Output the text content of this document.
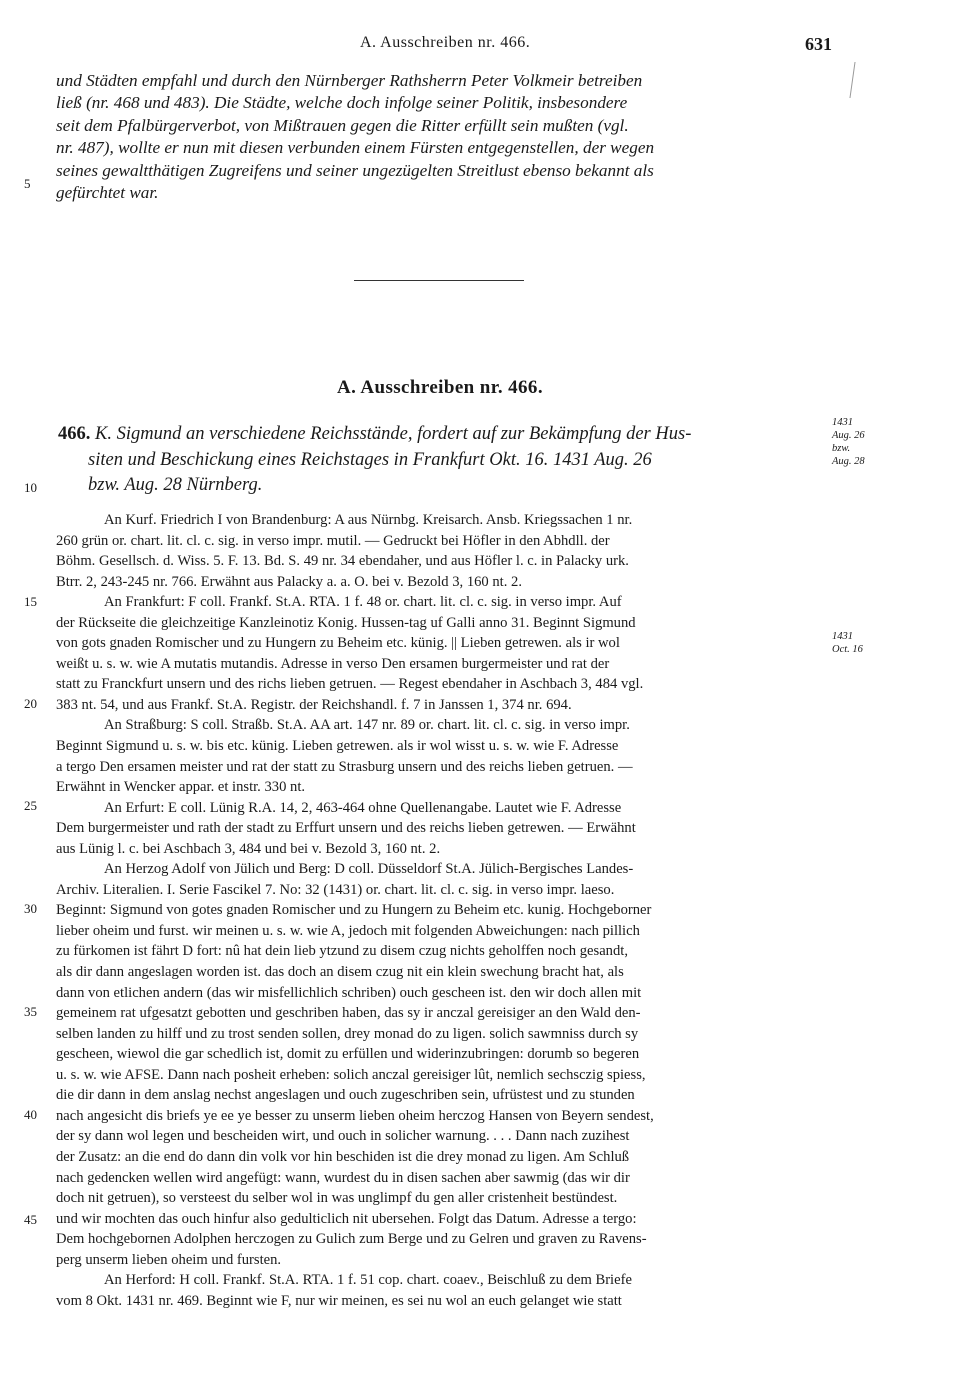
A. Ausschreiben nr. 466.	631
und Städten empfahl und durch den Nürnberger Rathsherrn Peter Volkmeir betreiben
ließ (nr. 468 und 483). Die Städte, welche doch infolge seiner Politik, insbesondere
seit dem Pfalbürgerverbot, von Mißtrauen gegen die Ritter erfüllt sein mußten (vgl.
nr. 487), wollte er nun mit diesen verbunden einem Fürsten entgegenstellen, der wegen
seines gewaltthätigen Zugreifens und seiner ungezügelten Streitlust ebenso bekannt als
gefürchtet war.
5
A. Ausschreiben nr. 466.
466. K. Sigmund an verschiedene Reichsstände, fordert auf zur Bekämpfung der Hus-
siten und Beschickung eines Reichstages in Frankfurt Okt. 16. 1431 Aug. 26
bzw. Aug. 28 Nürnberg.
1431
Aug. 26
bzw.
Aug. 28
10
An Kurf. Friedrich I von Brandenburg: A aus Nürnbg. Kreisarch. Ansb. Kriegssachen 1 nr.
260 grün or. chart. lit. cl. c. sig. in verso impr. mutil. — Gedruckt bei Höfler in den Abhdll. der
Böhm. Gesellsch. d. Wiss. 5. F. 13. Bd. S. 49 nr. 34 ebendaher, und aus Höfler l. c. in Palacky urk.
Btrr. 2, 243-245 nr. 766. Erwähnt aus Palacky a. a. O. bei v. Bezold 3, 160 nt. 2.
An Frankfurt: F coll. Frankf. St.A. RTA. 1 f. 48 or. chart. lit. cl. c. sig. in verso impr. Auf
der Rückseite die gleichzeitige Kanzleinotiz Konig. Hussen-tag uf Galli anno 31. Beginnt Sigmund
von gots gnaden Romischer und zu Hungern zu Beheim etc. künig. || Lieben getrewen. als ir wol
weißt u. s. w. wie A mutatis mutandis. Adresse in verso Den ersamen burgermeister und rat der
statt zu Franckfurt unsern und des richs lieben getruen. — Regest ebendaher in Aschbach 3, 484 vgl.
383 nt. 54, und aus Frankf. St.A. Registr. der Reichshandl. f. 7 in Janssen 1, 374 nr. 694.
An Straßburg: S coll. Straßb. St.A. AA art. 147 nr. 89 or. chart. lit. cl. c. sig. in verso impr.
Beginnt Sigmund u. s. w. bis etc. künig. Lieben getrewen. als ir wol wisst u. s. w. wie F. Adresse
a tergo Den ersamen meister und rat der statt zu Strasburg unsern und des reichs lieben getruen. —
Erwähnt in Wencker appar. et instr. 330 nt.
An Erfurt: E coll. Lünig R.A. 14, 2, 463-464 ohne Quellenangabe. Lautet wie F. Adresse
Dem burgermeister und rath der stadt zu Erffurt unsern und des reichs lieben getrewen. — Erwähnt
aus Lünig l. c. bei Aschbach 3, 484 und bei v. Bezold 3, 160 nt. 2.
An Herzog Adolf von Jülich und Berg: D coll. Düsseldorf St.A. Jülich-Bergisches Landes-
Archiv. Literalien. I. Serie Fascikel 7. No: 32 (1431) or. chart. lit. cl. c. sig. in verso impr. laeso.
Beginnt: Sigmund von gotes gnaden Romischer und zu Hungern zu Beheim etc. kunig. Hochgeborner
lieber oheim und furst. wir meinen u. s. w. wie A, jedoch mit folgenden Abweichungen: nach pillich
zu fürkomen ist fährt D fort: nû hat dein lieb ytzund zu disem czug nichts geholffen noch gesandt,
als dir dann angeslagen worden ist. das doch an disem czug nit ein klein swechung bracht hat, als
dann von etlichen andern (das wir misfellichlich schriben) ouch gescheen ist. den wir doch allen mit
gemeinem rat ufgesatzt gebotten und geschriben haben, das sy ir anczal gereisiger an den Wald den-
selben landen zu hilff und zu trost senden sollen, drey monad do zu ligen. solich sawmniss durch sy
gescheen, wiewol die gar schedlich ist, domit zu erfüllen und widerinzubringen: dorumb so begeren
u. s. w. wie AFSE. Dann nach posheit erheben: solich anczal gereisiger lût, nemlich sechsczig spiess,
die dir dann in dem anslag nechst angeslagen und ouch zugeschriben sein, ufrüstest und zu stunden
nach angesicht dis briefs ye ee ye besser zu unserm lieben oheim herczog Hansen von Beyern sendest,
der sy dann wol legen und bescheiden wirt, und ouch in solicher warnung. . . . Dann nach zuzihest
der Zusatz: an die end do dann din volk vor hin beschiden ist die drey monad zu ligen. Am Schluß
nach gedencken wellen wird angefügt: wann, wurdest du in disen sachen aber sawmig (das wir dir
doch nit getruen), so versteest du selber wol in was unglimpf du gen aller cristenheit bestündest.
und wir mochten das ouch hinfur also gedulticlich nit ubersehen. Folgt das Datum. Adresse a tergo:
Dem hochgebornen Adolphen herczogen zu Gulich zum Berge und zu Gelren und graven zu Ravens-
perg unserm lieben oheim und fursten.
An Herford: H coll. Frankf. St.A. RTA. 1 f. 51 cop. chart. coaev., Beischluß zu dem Briefe
vom 8 Okt. 1431 nr. 469. Beginnt wie F, nur wir meinen, es sei nu wol an euch gelanget wie statt
1431
Oct. 16
15
20
25
30
35
40
45
